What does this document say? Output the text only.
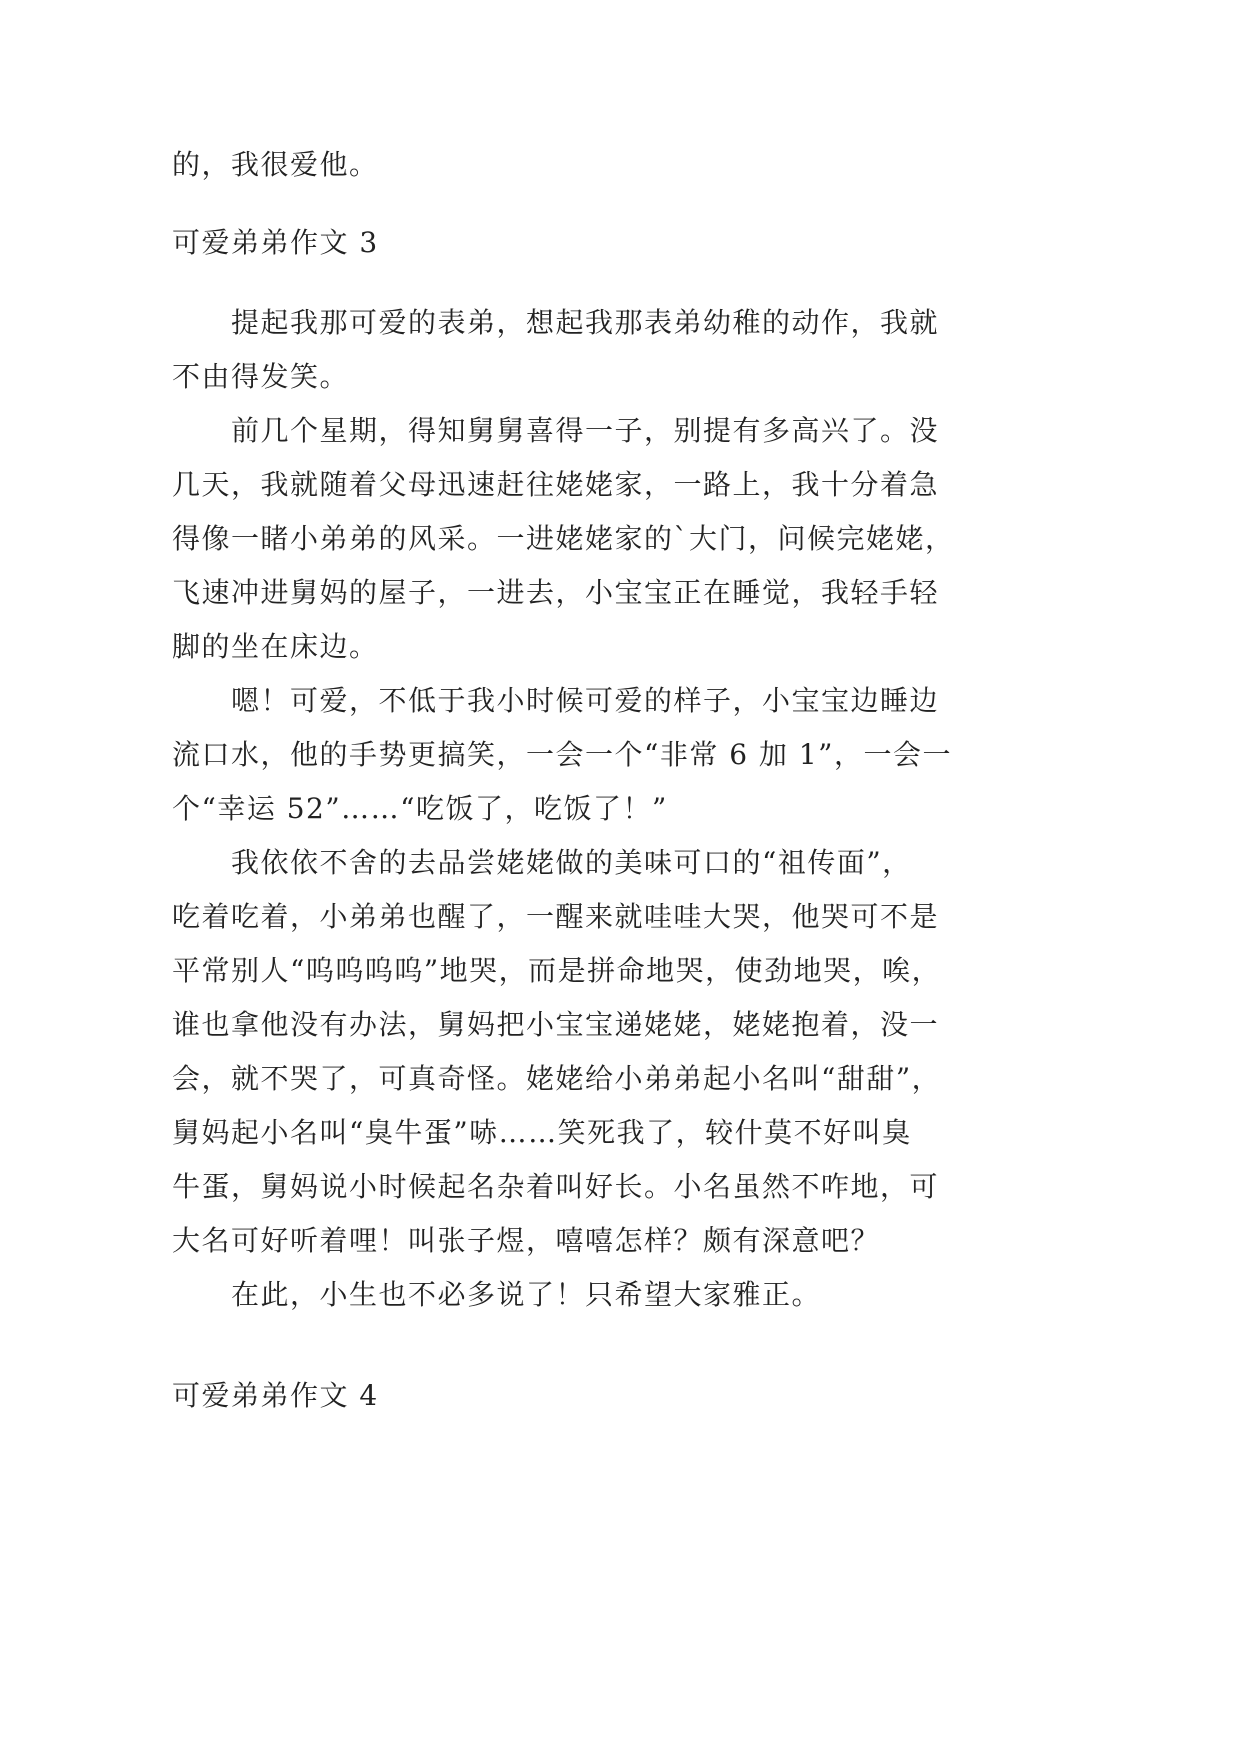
的，我很爱他。
可爱弟弟作文 3
提起我那可爱的表弟，想起我那表弟幼稚的动作，我就
不由得发笑。
前几个星期，得知舅舅喜得一子，别提有多高兴了。没
几天，我就随着父母迅速赶往姥姥家，一路上，我十分着急
得像一睹小弟弟的风采。一进姥姥家的`大门，问候完姥姥，
飞速冲进舅妈的屋子，一进去，小宝宝正在睡觉，我轻手轻
脚的坐在床边。
嗯！可爱，不低于我小时候可爱的样子，小宝宝边睡边
流口水，他的手势更搞笑，一会一个“非常 6 加 1”，一会一
个“幸运 52”……“吃饭了，吃饭了！”
我依依不舍的去品尝姥姥做的美味可口的“祖传面”，
吃着吃着，小弟弟也醒了，一醒来就哇哇大哭，他哭可不是
平常别人“呜呜呜呜”地哭，而是拼命地哭，使劲地哭，唉，
谁也拿他没有办法，舅妈把小宝宝递姥姥，姥姥抱着，没一
会，就不哭了，可真奇怪。姥姥给小弟弟起小名叫“甜甜”，
舅妈起小名叫“臭牛蛋”哧……笑死我了，较什莫不好叫臭
牛蛋，舅妈说小时候起名杂着叫好长。小名虽然不咋地，可
大名可好听着哩！叫张子煜，嘻嘻怎样？颇有深意吧？
在此，小生也不必多说了！只希望大家雅正。
可爱弟弟作文 4
